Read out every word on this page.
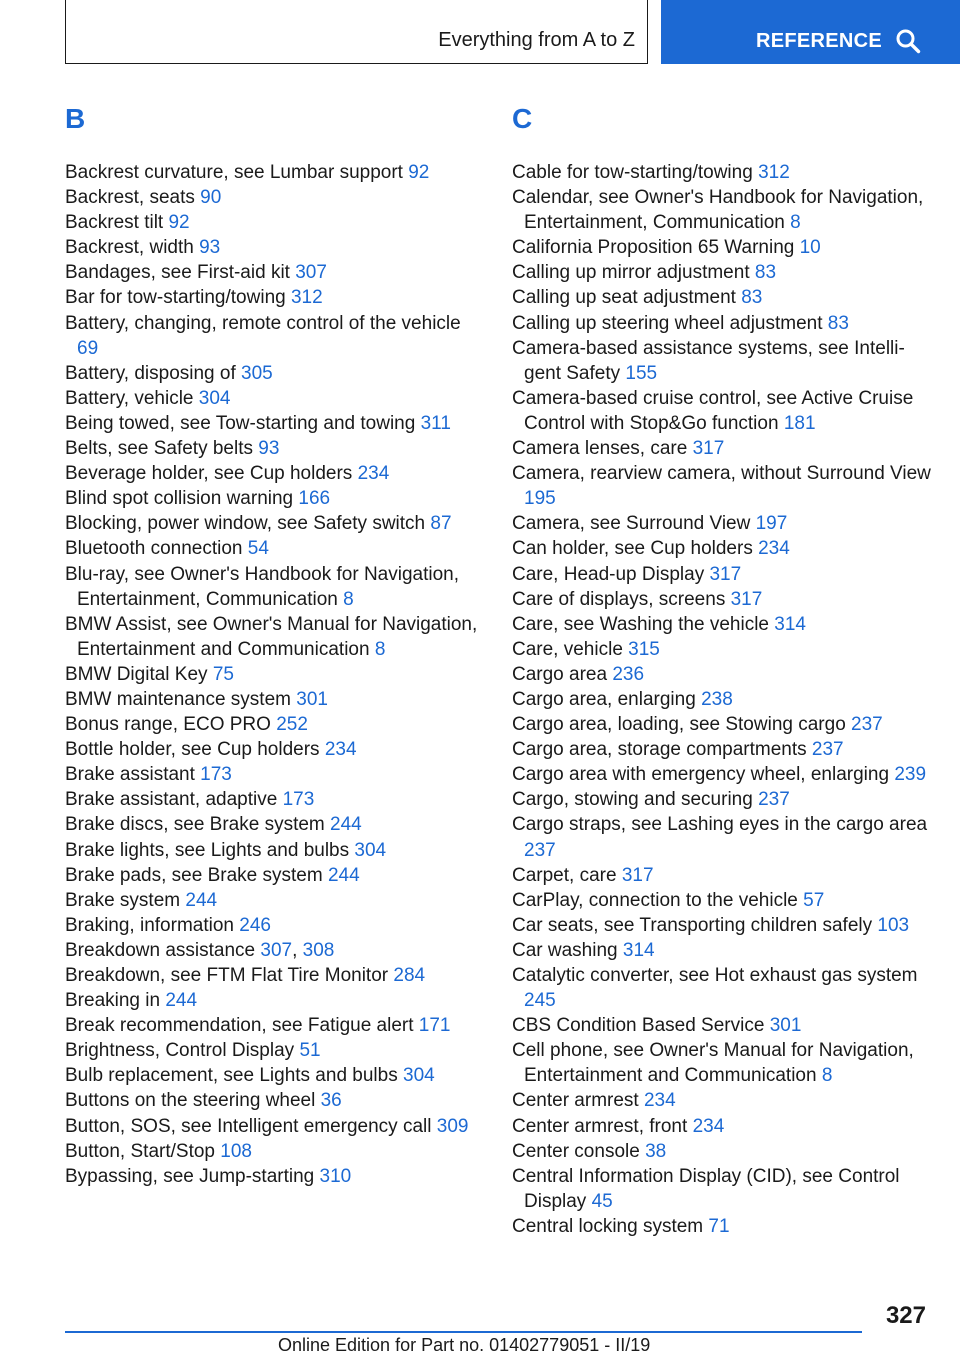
Everything from A to Z	REFERENCE
B
Backrest curvature, see Lumbar support 92
Backrest, seats 90
Backrest tilt 92
Backrest, width 93
Bandages, see First-aid kit 307
Bar for tow-starting/towing 312
Battery, changing, remote control of the vehicle 69
Battery, disposing of 305
Battery, vehicle 304
Being towed, see Tow-starting and towing 311
Belts, see Safety belts 93
Beverage holder, see Cup holders 234
Blind spot collision warning 166
Blocking, power window, see Safety switch 87
Bluetooth connection 54
Blu-ray, see Owner's Handbook for Navigation, Entertainment, Communication 8
BMW Assist, see Owner's Manual for Navigation, Entertainment and Communication 8
BMW Digital Key 75
BMW maintenance system 301
Bonus range, ECO PRO 252
Bottle holder, see Cup holders 234
Brake assistant 173
Brake assistant, adaptive 173
Brake discs, see Brake system 244
Brake lights, see Lights and bulbs 304
Brake pads, see Brake system 244
Brake system 244
Braking, information 246
Breakdown assistance 307, 308
Breakdown, see FTM Flat Tire Monitor 284
Breaking in 244
Break recommendation, see Fatigue alert 171
Brightness, Control Display 51
Bulb replacement, see Lights and bulbs 304
Buttons on the steering wheel 36
Button, SOS, see Intelligent emergency call 309
Button, Start/Stop 108
Bypassing, see Jump-starting 310
C
Cable for tow-starting/towing 312
Calendar, see Owner's Handbook for Navigation, Entertainment, Communication 8
California Proposition 65 Warning 10
Calling up mirror adjustment 83
Calling up seat adjustment 83
Calling up steering wheel adjustment 83
Camera-based assistance systems, see Intelligent Safety 155
Camera-based cruise control, see Active Cruise Control with Stop&Go function 181
Camera lenses, care 317
Camera, rearview camera, without Surround View 195
Camera, see Surround View 197
Can holder, see Cup holders 234
Care, Head-up Display 317
Care of displays, screens 317
Care, see Washing the vehicle 314
Care, vehicle 315
Cargo area 236
Cargo area, enlarging 238
Cargo area, loading, see Stowing cargo 237
Cargo area, storage compartments 237
Cargo area with emergency wheel, enlarging 239
Cargo, stowing and securing 237
Cargo straps, see Lashing eyes in the cargo area 237
Carpet, care 317
CarPlay, connection to the vehicle 57
Car seats, see Transporting children safely 103
Car washing 314
Catalytic converter, see Hot exhaust gas system 245
CBS Condition Based Service 301
Cell phone, see Owner's Manual for Navigation, Entertainment and Communication 8
Center armrest 234
Center armrest, front 234
Center console 38
Central Information Display (CID), see Control Display 45
Central locking system 71
327
Online Edition for Part no. 01402779051 - II/19
